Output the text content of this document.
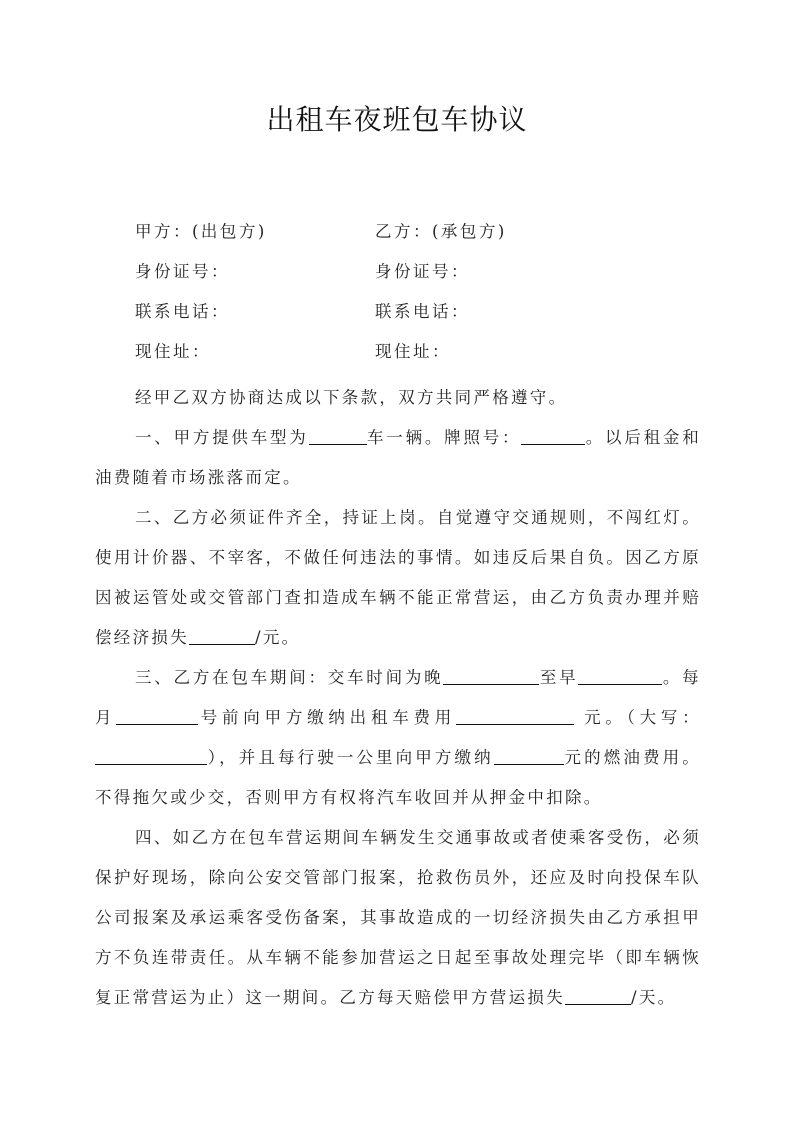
出租车夜班包车协议
甲方：(出包方)	乙方：(承包方)
身份证号：	身份证号：
联系电话：	联系电话：
现住址：	现住址：

经甲乙双方协商达成以下条款，双方共同严格遵守。

一、甲方提供车型为	车一辆。牌照号：	。以后租金和油费随着市场涨落而定。

二、乙方必须证件齐全，持证上岗。自觉遵守交通规则，不闯红灯。使用计价器、不宰客，不做任何违法的事情。如违反后果自负。因乙方原因被运管处或交管部门查扣造成车辆不能正常营运，由乙方负责办理并赔偿经济损失	/元。

三、乙方在包车期间：交车时间为晚	至早	。每月	号前向甲方缴纳出租车费用	元。（大写：），并且每行驶一公里向甲方缴纳	元的燃油费用。不得拖欠或少交，否则甲方有权将汽车收回并从押金中扣除。

四、如乙方在包车营运期间车辆发生交通事故或者使乘客受伤，必须保护好现场，除向公安交管部门报案，抢救伤员外，还应及时向投保车队公司报案及承运乘客受伤备案，其事故造成的一切经济损失由乙方承担甲方不负连带责任。从车辆不能参加营运之日起至事故处理完毕（即车辆恢复正常营运为止）这一期间。乙方每天赔偿甲方营运损失	/天。
